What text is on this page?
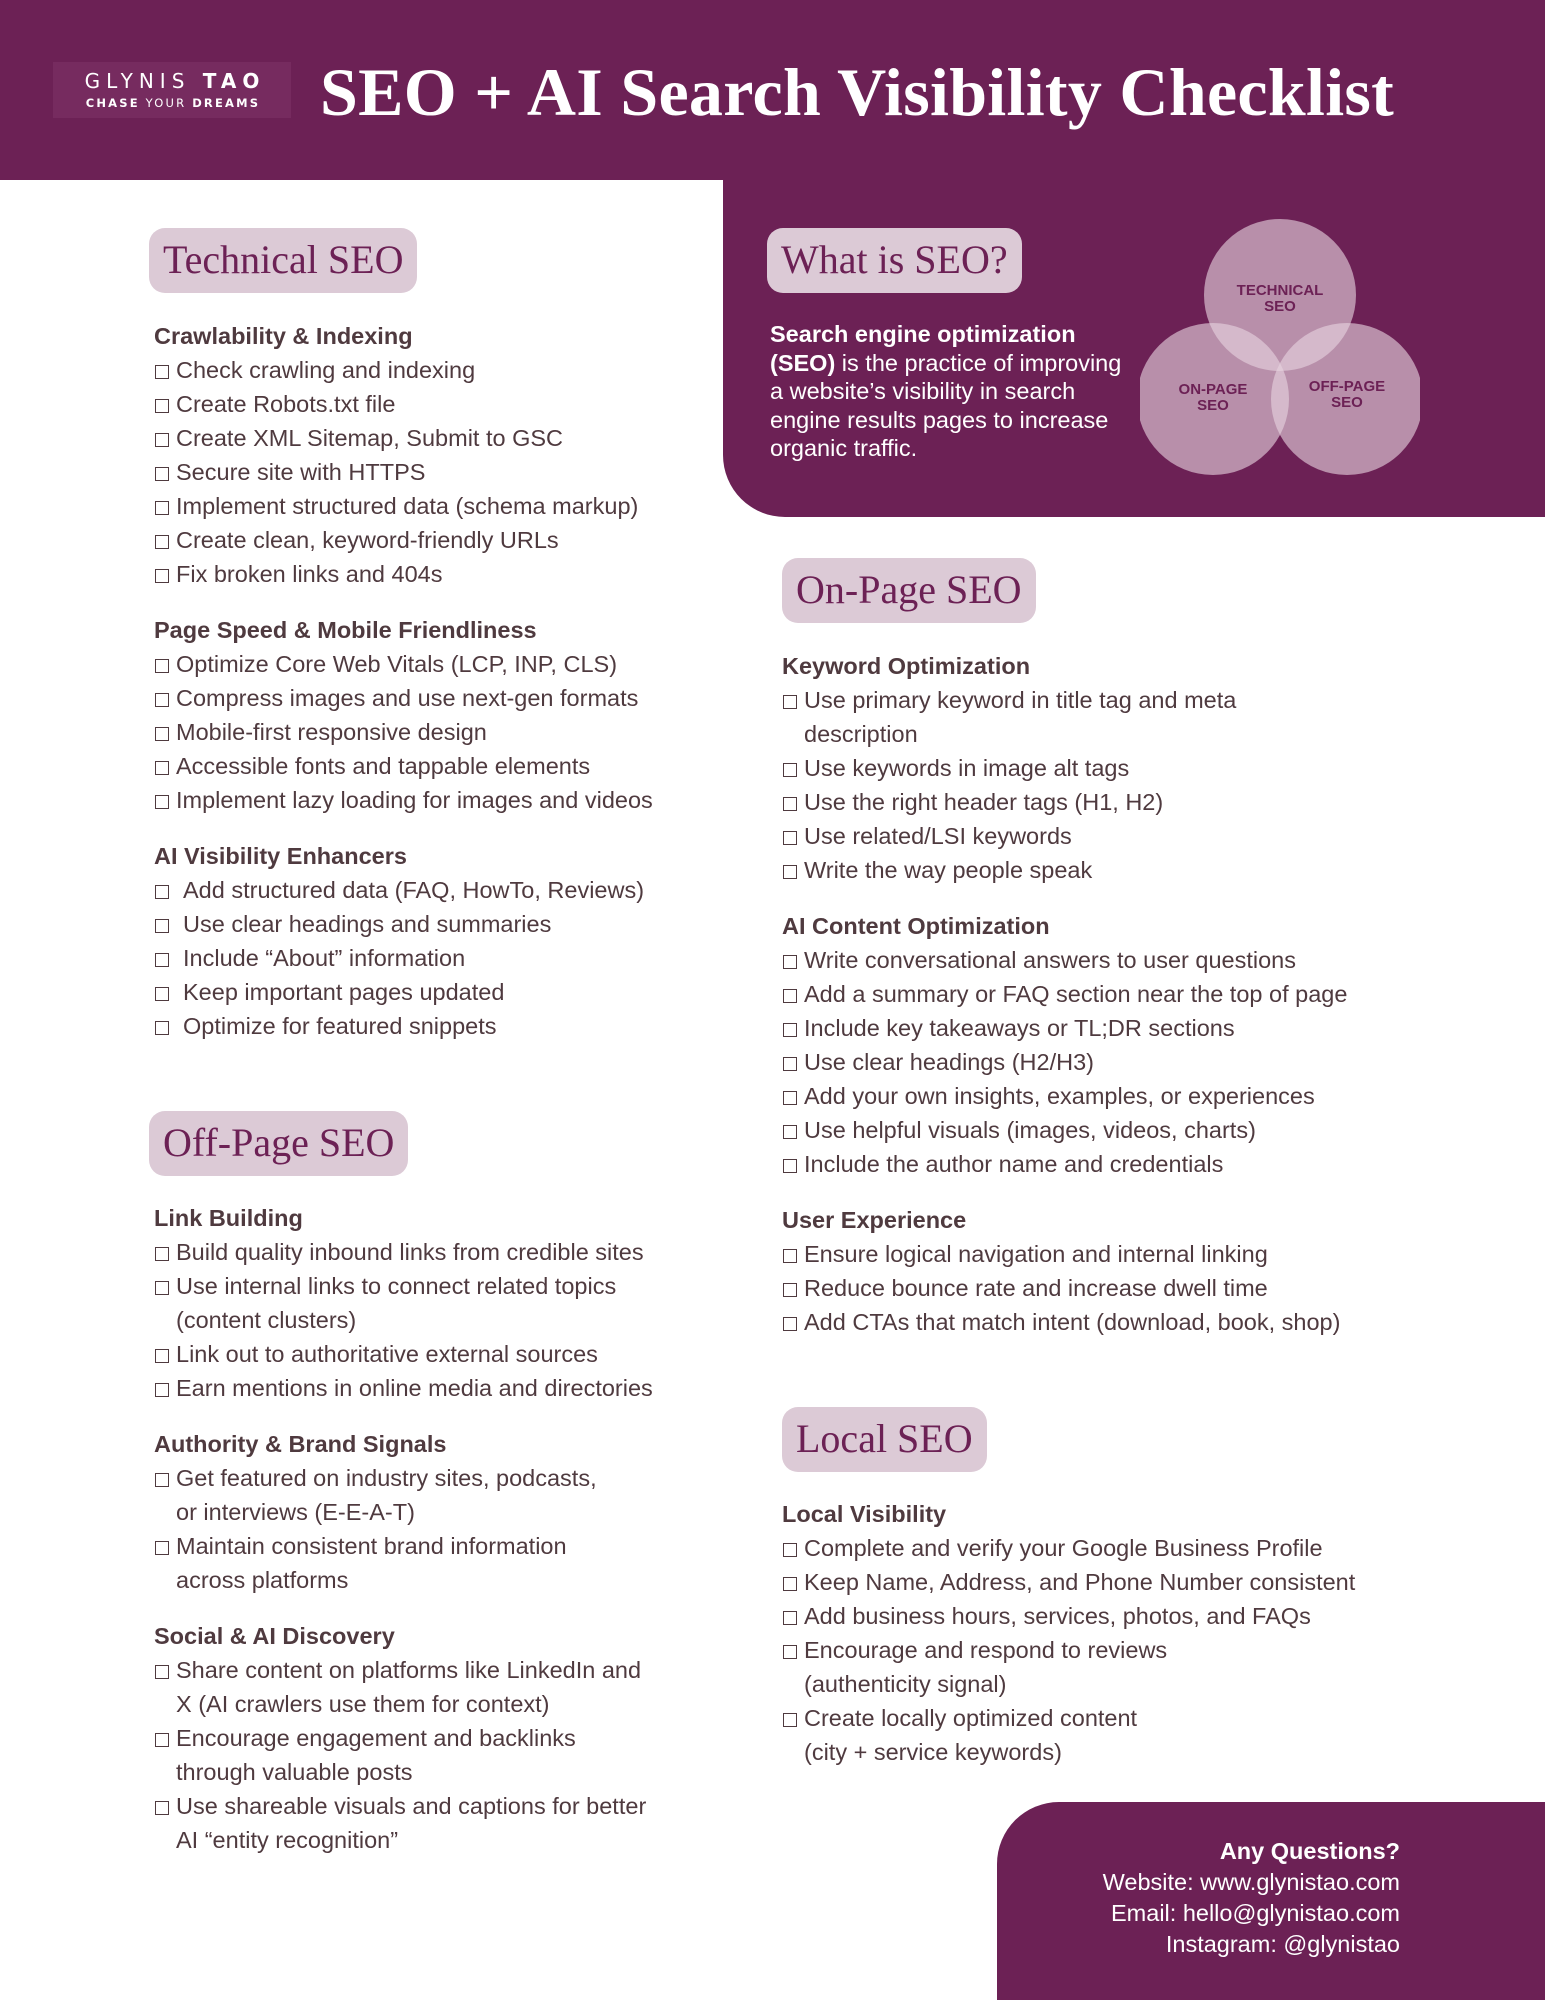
GLYNIS TAO
CHASE YOUR DREAMS SEO + AI Search Visibility Checklist
What is SEO?

Search engine optimization (SEO) is the practice of improving a website’s visibility in search engine results pages to increase organic traffic.

TECHNICAL
SEO
ON-PAGE
SEO
OFF-PAGE
SEO
Technical SEO
Crawlability & Indexing
Check crawling and indexing
Create Robots.txt file
Create XML Sitemap, Submit to GSC
Secure site with HTTPS
Implement structured data (schema markup)
Create clean, keyword-friendly URLs
Fix broken links and 404s
Page Speed & Mobile Friendliness
Optimize Core Web Vitals (LCP, INP, CLS)
Compress images and use next-gen formats
Mobile-first responsive design
Accessible fonts and tappable elements
Implement lazy loading for images and videos
AI Visibility Enhancers
Add structured data (FAQ, HowTo, Reviews)
Use clear headings and summaries
Include “About” information
Keep important pages updated
Optimize for featured snippets
Off-Page SEO
Link Building
Build quality inbound links from credible sites
Use internal links to connect related topics
(content clusters)
Link out to authoritative external sources
Earn mentions in online media and directories
Authority & Brand Signals
Get featured on industry sites, podcasts,
or interviews (E-E-A-T)
Maintain consistent brand information
across platforms
Social & AI Discovery
Share content on platforms like LinkedIn and
X (AI crawlers use them for context)
Encourage engagement and backlinks
through valuable posts
Use shareable visuals and captions for better
AI “entity recognition”
On-Page SEO
Keyword Optimization
Use primary keyword in title tag and meta
description
Use keywords in image alt tags
Use the right header tags (H1, H2)
Use related/LSI keywords
Write the way people speak
AI Content Optimization
Write conversational answers to user questions
Add a summary or FAQ section near the top of page
Include key takeaways or TL;DR sections
Use clear headings (H2/H3)
Add your own insights, examples, or experiences
Use helpful visuals (images, videos, charts)
Include the author name and credentials
User Experience
Ensure logical navigation and internal linking
Reduce bounce rate and increase dwell time
Add CTAs that match intent (download, book, shop)
Local SEO
Local Visibility
Complete and verify your Google Business Profile
Keep Name, Address, and Phone Number consistent
Add business hours, services, photos, and FAQs
Encourage and respond to reviews
(authenticity signal)
Create locally optimized content
(city + service keywords)
Any Questions?
Website: www.glynistao.com
Email: hello@glynistao.com
Instagram: @glynistao
